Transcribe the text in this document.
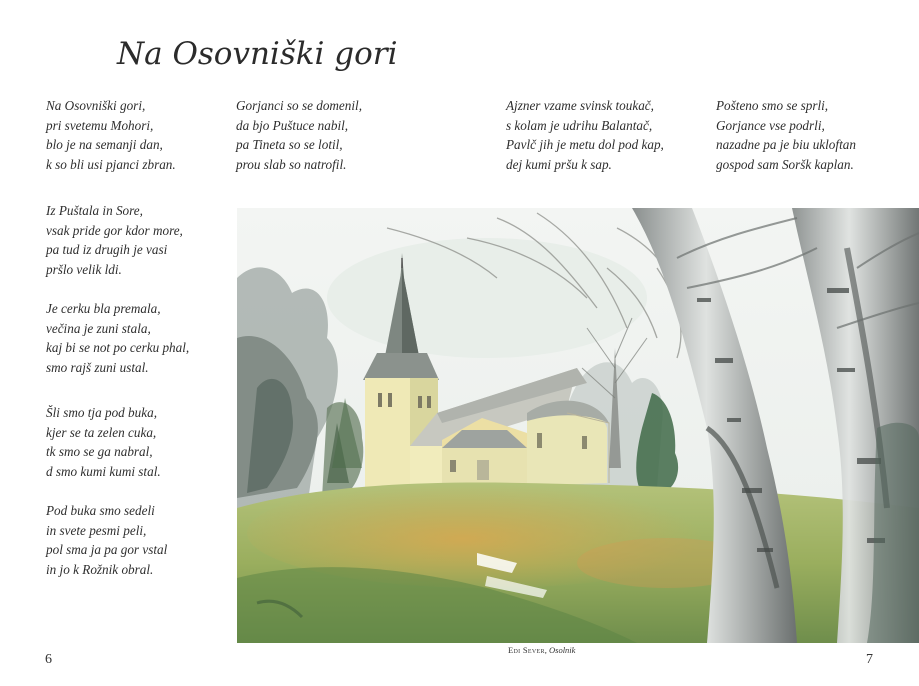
Na Osovniški gori

Na Osovniški gori,
pri svetemu Mohori,
blo je na semanji dan,
k so bli usi pjanci zbran.

Iz Puštala in Sore,
vsak pride gor kdor more,
pa tud iz drugih je vasi
pršlo velik ldi.

Je cerku bla premala,
večina je zuni stala,
kaj bi se not po cerku phal,
smo rajš zuni ustal.

Šli smo tja pod buka,
kjer se ta zelen cuka,
tk smo se ga nabral,
d smo kumi kumi stal.

Pod buka smo sedeli
in svete pesmi peli,
pol sma ja pa gor vstal
in jo k Rožnik obral.

Gorjanci so se domenil,
da bjo Puštuce nabil,
pa Tineta so se lotil,
prou slab so natrofil.

Ajzner vzame svinsk toukač,
s kolam je udrihu Balantač,
Pavlč jih je metu dol pod kap,
dej kumi pršu k sap.

Pošteno smo se sprli,
Gorjance vse podrli,
nazadne pa je biu ukloftan
gospod sam Soršk kaplan.

Edi Sever, Osolnik
6	7
